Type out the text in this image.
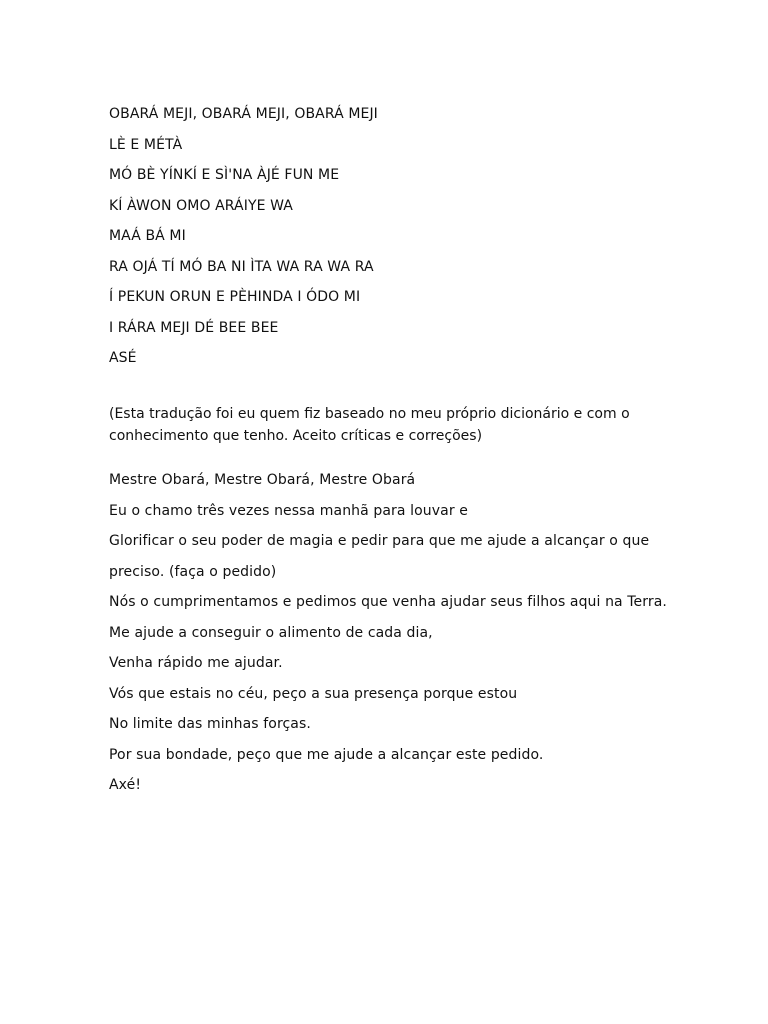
OBARÁ MEJI, OBARÁ MEJI, OBARÁ MEJI
LÈ E MÉTÀ
MÓ BÈ YÍNKÍ E SÌ'NA ÀJÉ FUN ME
KÍ ÀWON OMO ARÁIYE WA
MAÁ BÁ MI
RA OJÁ TÍ MÓ BA NI ÌTA WA RA WA RA
Í PEKUN ORUN E PÈHINDA I ÓDO MI
I RÁRA MEJI DÉ BEE BEE
ASÉ
(Esta tradução foi eu quem fiz baseado no meu próprio dicionário e com o conhecimento que tenho. Aceito críticas e correções)
Mestre Obará, Mestre Obará, Mestre Obará
Eu o chamo três vezes nessa manhã para louvar e
Glorificar o seu poder de magia e pedir para que me ajude a alcançar o que
preciso. (faça o pedido)
Nós o cumprimentamos e pedimos que venha ajudar seus filhos aqui na Terra.
Me ajude a conseguir o alimento de cada dia,
Venha rápido me ajudar.
Vós que estais no céu, peço a sua presença porque estou
No limite das minhas forças.
Por sua bondade, peço que me ajude a alcançar este pedido.
Axé!
